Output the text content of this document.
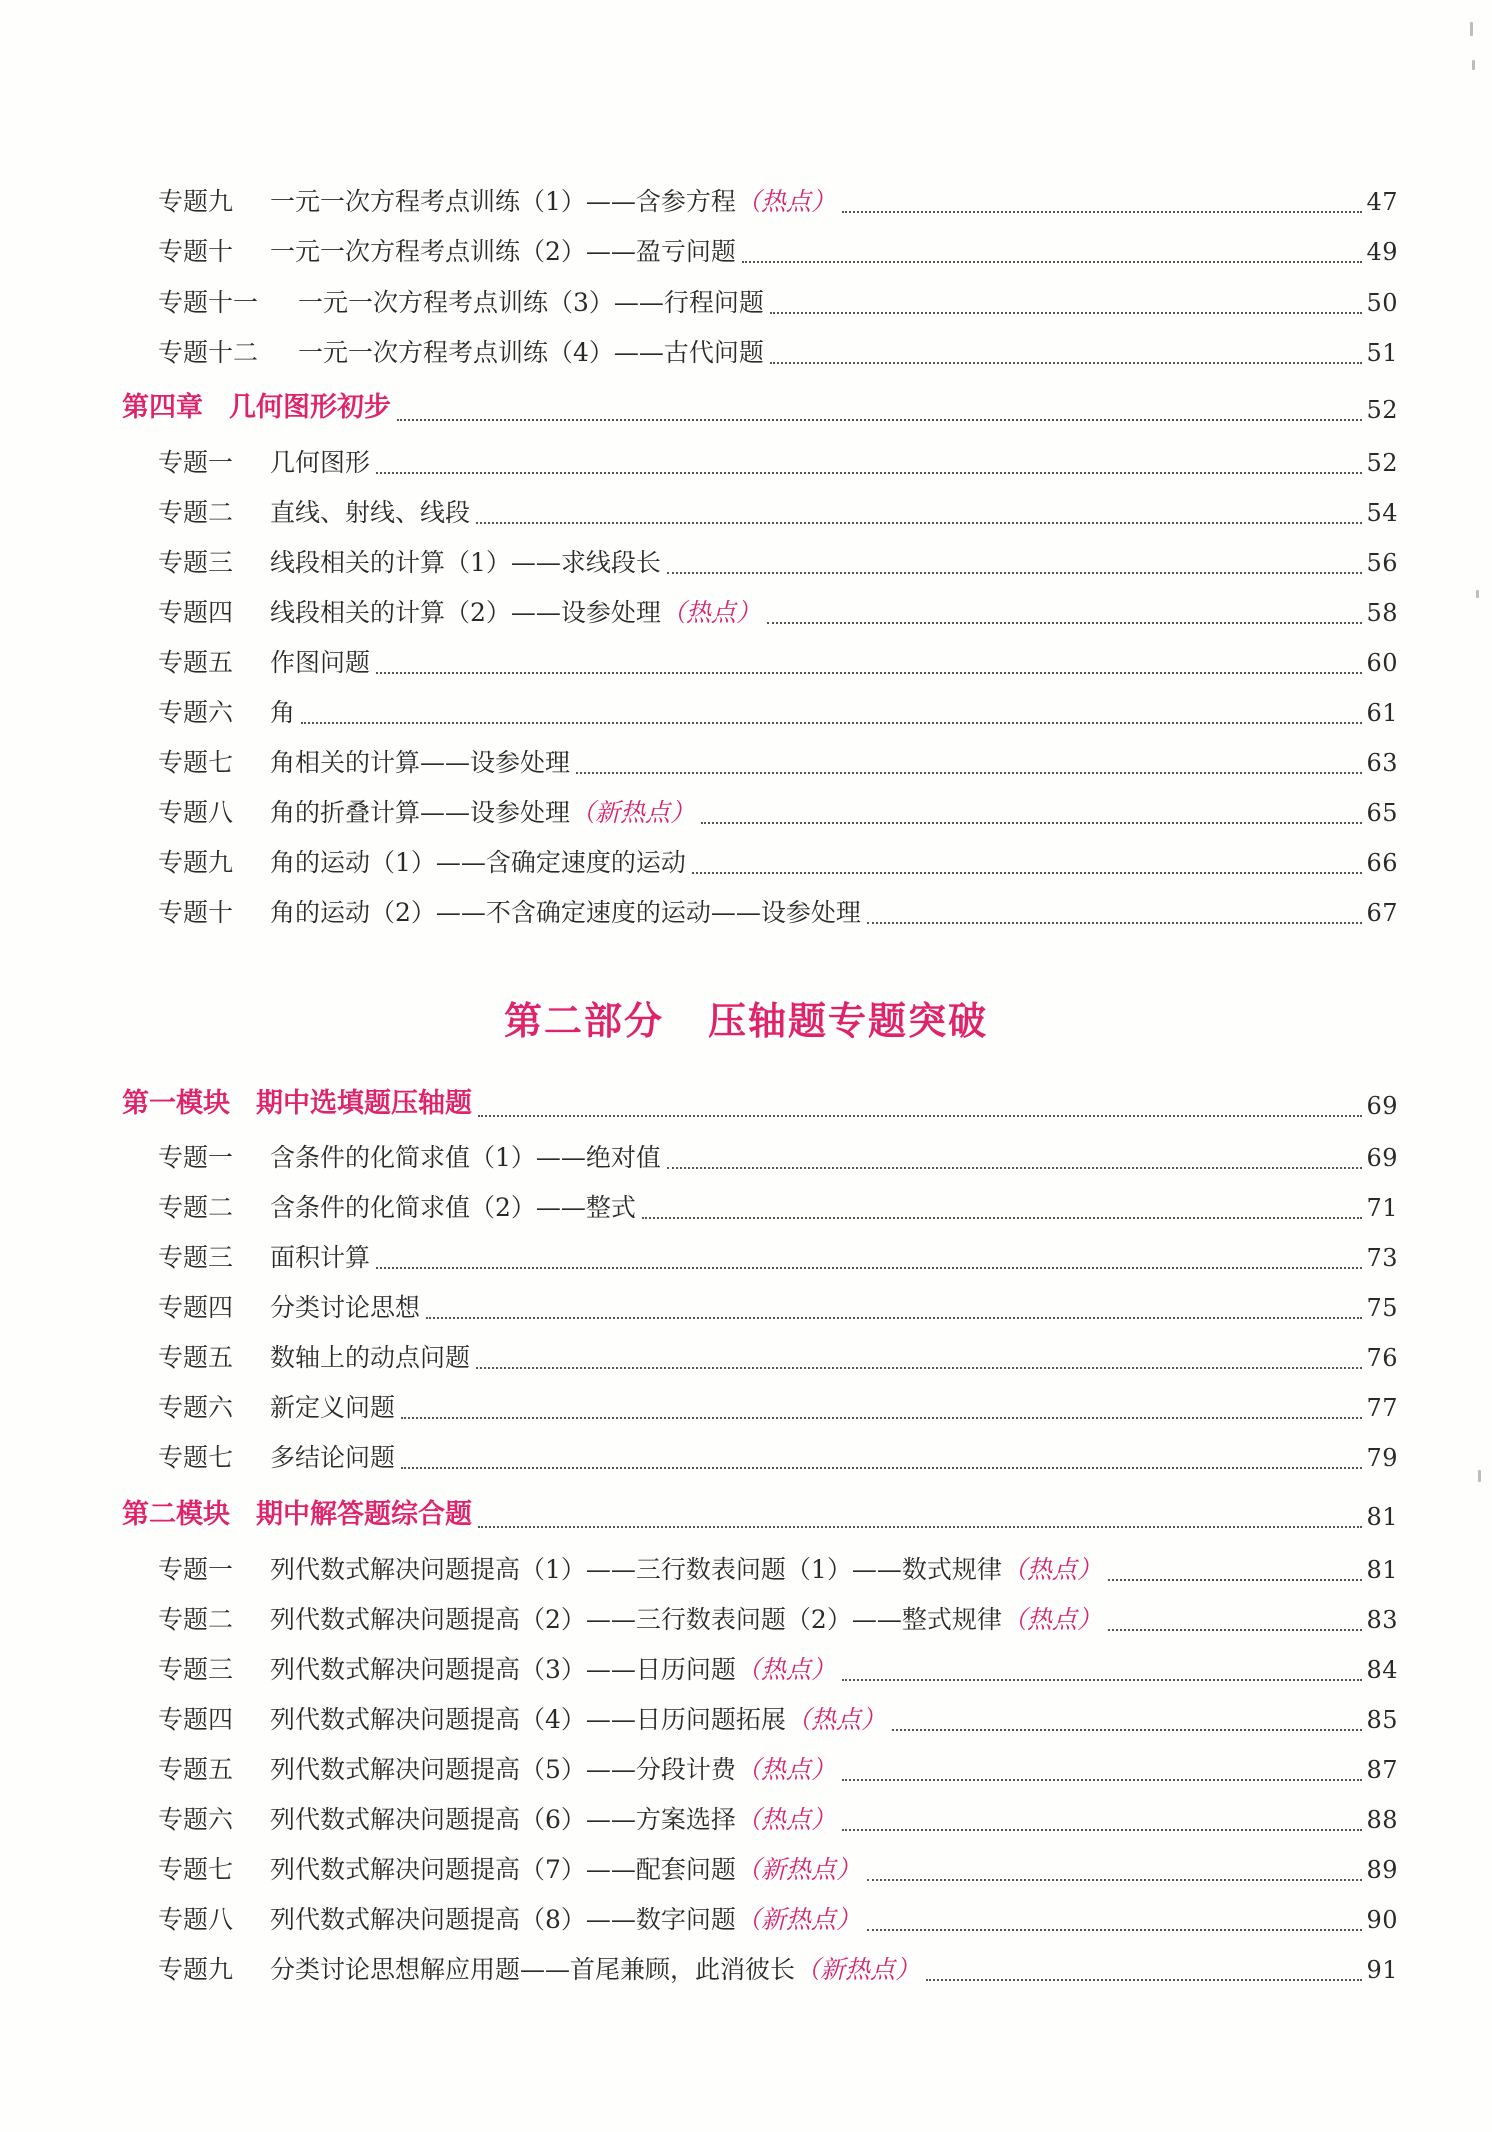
专题九 一元一次方程考点训练（1）——含参方程（热点）	47
专题十 一元一次方程考点训练（2）——盈亏问题	49
专题十一 一元一次方程考点训练（3）——行程问题	50
专题十二 一元一次方程考点训练（4）——古代问题	51
第四章 几何图形初步	52
专题一 几何图形	52
专题二 直线、射线、线段	54
专题三 线段相关的计算（1）——求线段长	56
专题四 线段相关的计算（2）——设参处理（热点）	58
专题五 作图问题	60
专题六 角	61
专题七 角相关的计算——设参处理	63
专题八 角的折叠计算——设参处理（新热点）	65
专题九 角的运动（1）——含确定速度的运动	66
专题十 角的运动（2）——不含确定速度的运动——设参处理	67
第二部分 压轴题专题突破
第一模块 期中选填题压轴题	69
专题一 含条件的化简求值（1）——绝对值	69
专题二 含条件的化简求值（2）——整式	71
专题三 面积计算	73
专题四 分类讨论思想	75
专题五 数轴上的动点问题	76
专题六 新定义问题	77
专题七 多结论问题	79
第二模块 期中解答题综合题	81
专题一 列代数式解决问题提高（1）——三行数表问题（1）——数式规律（热点）	81
专题二 列代数式解决问题提高（2）——三行数表问题（2）——整式规律（热点）	83
专题三 列代数式解决问题提高（3）——日历问题（热点）	84
专题四 列代数式解决问题提高（4）——日历问题拓展（热点）	85
专题五 列代数式解决问题提高（5）——分段计费（热点）	87
专题六 列代数式解决问题提高（6）——方案选择（热点）	88
专题七 列代数式解决问题提高（7）——配套问题（新热点）	89
专题八 列代数式解决问题提高（8）——数字问题（新热点）	90
专题九 分类讨论思想解应用题——首尾兼顾，此消彼长（新热点）	91
